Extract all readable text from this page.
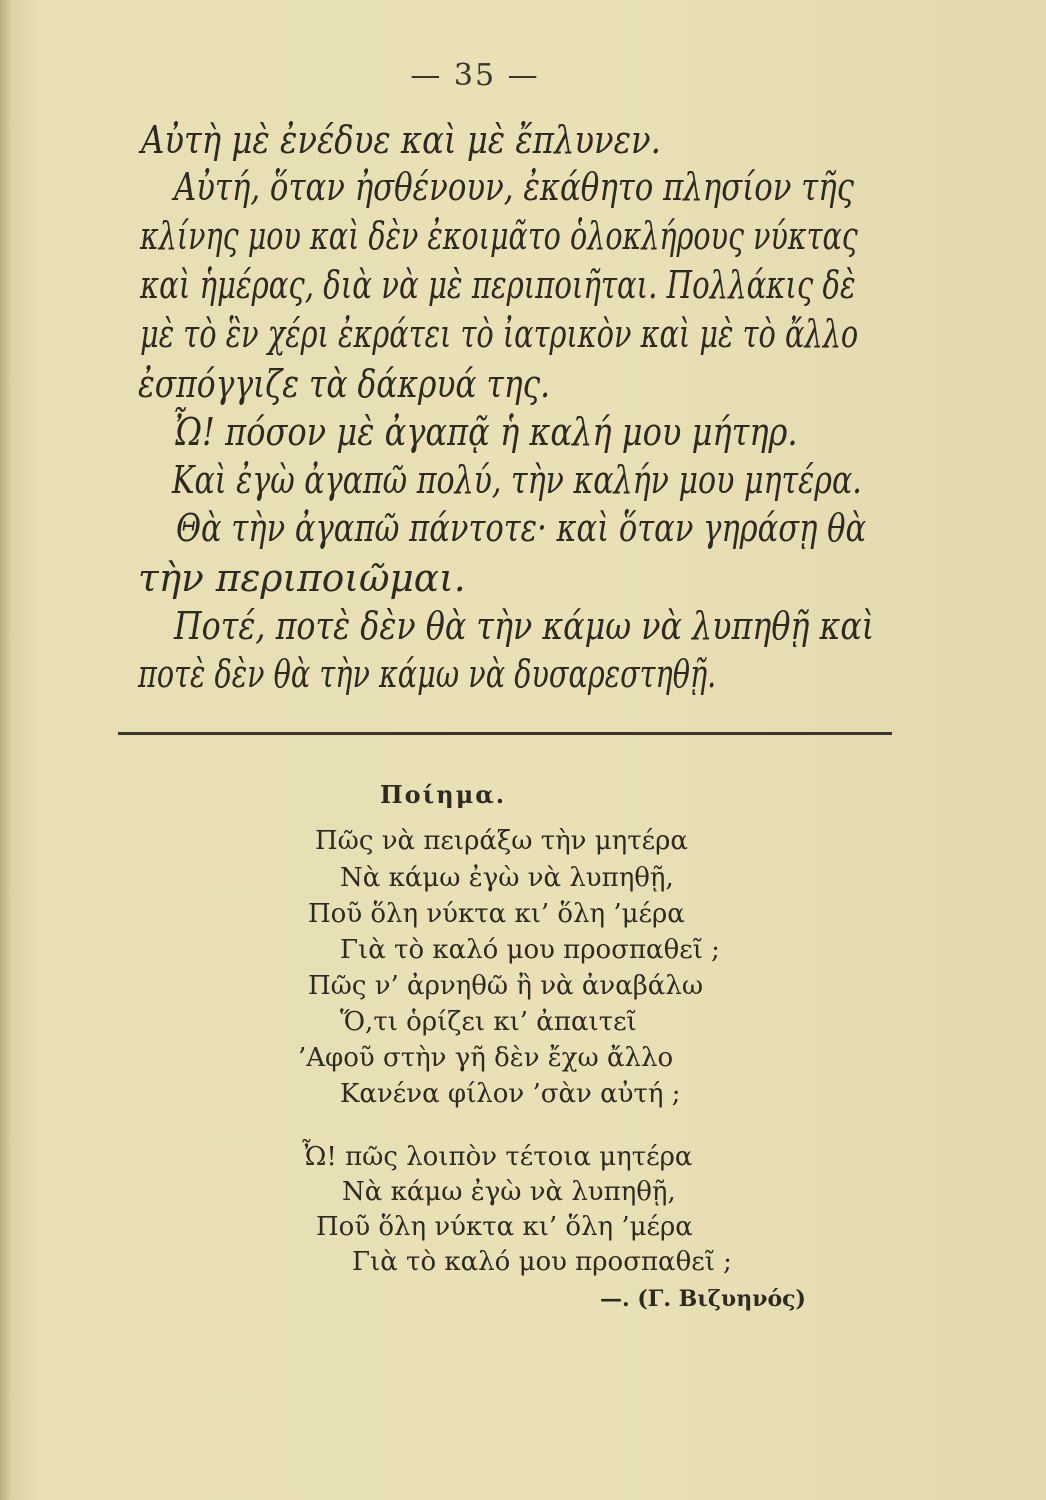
— 35 —
Αὐτὴ μὲ ἐνέδυε καὶ μὲ ἔπλυνεν.
Αὐτή, ὅταν ἠσθένουν, ἐκάθητο πλησίον τῆς
κλίνης μου καὶ δὲν ἐκοιμᾶτο ὁλοκλήρους νύκτας
καὶ ἡμέρας, διὰ νὰ μὲ περιποιῆται. Πολλάκις δὲ
μὲ τὸ ἓν χέρι ἐκράτει τὸ ἰατρικὸν καὶ μὲ τὸ ἄλλο
ἐσπόγγιζε τὰ δάκρυά της.
Ὦ! πόσον μὲ ἀγαπᾷ ἡ καλή μου μήτηρ.
Καὶ ἐγὼ ἀγαπῶ πολύ, τὴν καλήν μου μητέρα.
Θὰ τὴν ἀγαπῶ πάντοτε· καὶ ὅταν γηράσῃ θὰ
τὴν περιποιῶμαι.
Ποτέ, ποτὲ δὲν θὰ τὴν κάμω νὰ λυπηθῇ καὶ
ποτὲ δὲν θὰ τὴν κάμω νὰ δυσαρεστηθῇ.
Ποίημα.
Πῶς νὰ πειράξω τὴν μητέρα
Νὰ κάμω ἐγὼ νὰ λυπηθῇ,
Ποῦ ὅλη νύκτα κι’ ὅλη ’μέρα
Γιὰ τὸ καλό μου προσπαθεῖ ;
Πῶς ν’ ἀρνηθῶ ἢ νὰ ἀναβάλω
Ὅ,τι ὁρίζει κι’ ἀπαιτεῖ
’Αφοῦ στὴν γῆ δὲν ἔχω ἄλλο
Κανένα φίλον ’σὰν αὐτή ;
Ὦ! πῶς λοιπὸν τέτοια μητέρα
Νὰ κάμω ἐγὼ νὰ λυπηθῇ,
Ποῦ ὅλη νύκτα κι’ ὅλη ’μέρα
Γιὰ τὸ καλό μου προσπαθεῖ ;
—. (Γ. Βιζυηνός)
